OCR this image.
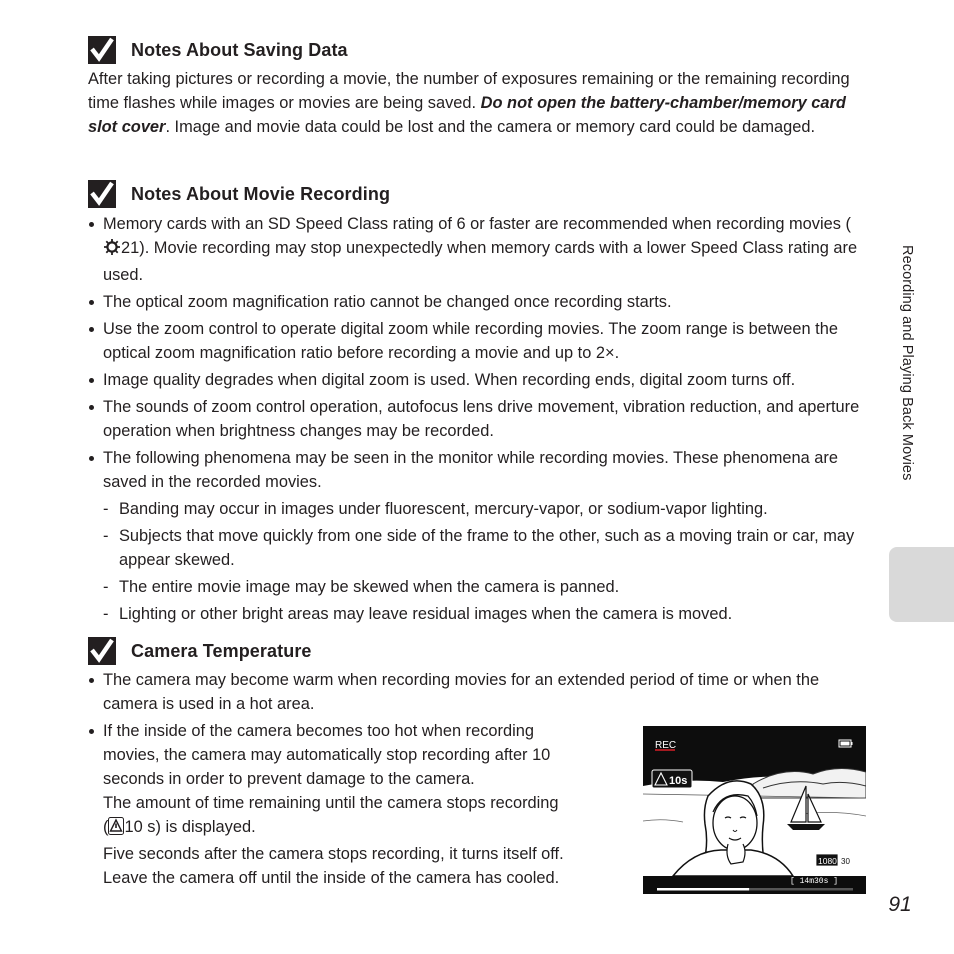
Notes About Saving Data

After taking pictures or recording a movie, the number of exposures remaining or the remaining recording time flashes while images or movies are being saved. Do not open the battery-chamber/memory card slot cover. Image and movie data could be lost and the camera or memory card could be damaged.

Notes About Movie Recording
Memory cards with an SD Speed Class rating of 6 or faster are recommended when recording movies (21). Movie recording may stop unexpectedly when memory cards with a lower Speed Class rating are used.
The optical zoom magnification ratio cannot be changed once recording starts.
Use the zoom control to operate digital zoom while recording movies. The zoom range is between the optical zoom magnification ratio before recording a movie and up to 2×.
Image quality degrades when digital zoom is used. When recording ends, digital zoom turns off.
The sounds of zoom control operation, autofocus lens drive movement, vibration reduction, and aperture operation when brightness changes may be recorded.
The following phenomena may be seen in the monitor while recording movies. These phenomena are saved in the recorded movies.
- Banding may occur in images under fluorescent, mercury-vapor, or sodium-vapor lighting.
- Subjects that move quickly from one side of the frame to the other, such as a moving train or car, may appear skewed.
- The entire movie image may be skewed when the camera is panned.
- Lighting or other bright areas may leave residual images when the camera is moved.
Camera Temperature
The camera may become warm when recording movies for an extended period of time or when the camera is used in a hot area.
If the inside of the camera becomes too hot when recording
movies, the camera may automatically stop recording after 10
seconds in order to prevent damage to the camera.
The amount of time remaining until the camera stops recording
( 10 s) is displayed.
Five seconds after the camera stops recording, it turns itself off.
Leave the camera off until the inside of the camera has cooled.
REC
10s
1080 30
[ 14m30s ]
Recording and Playing Back Movies
91
